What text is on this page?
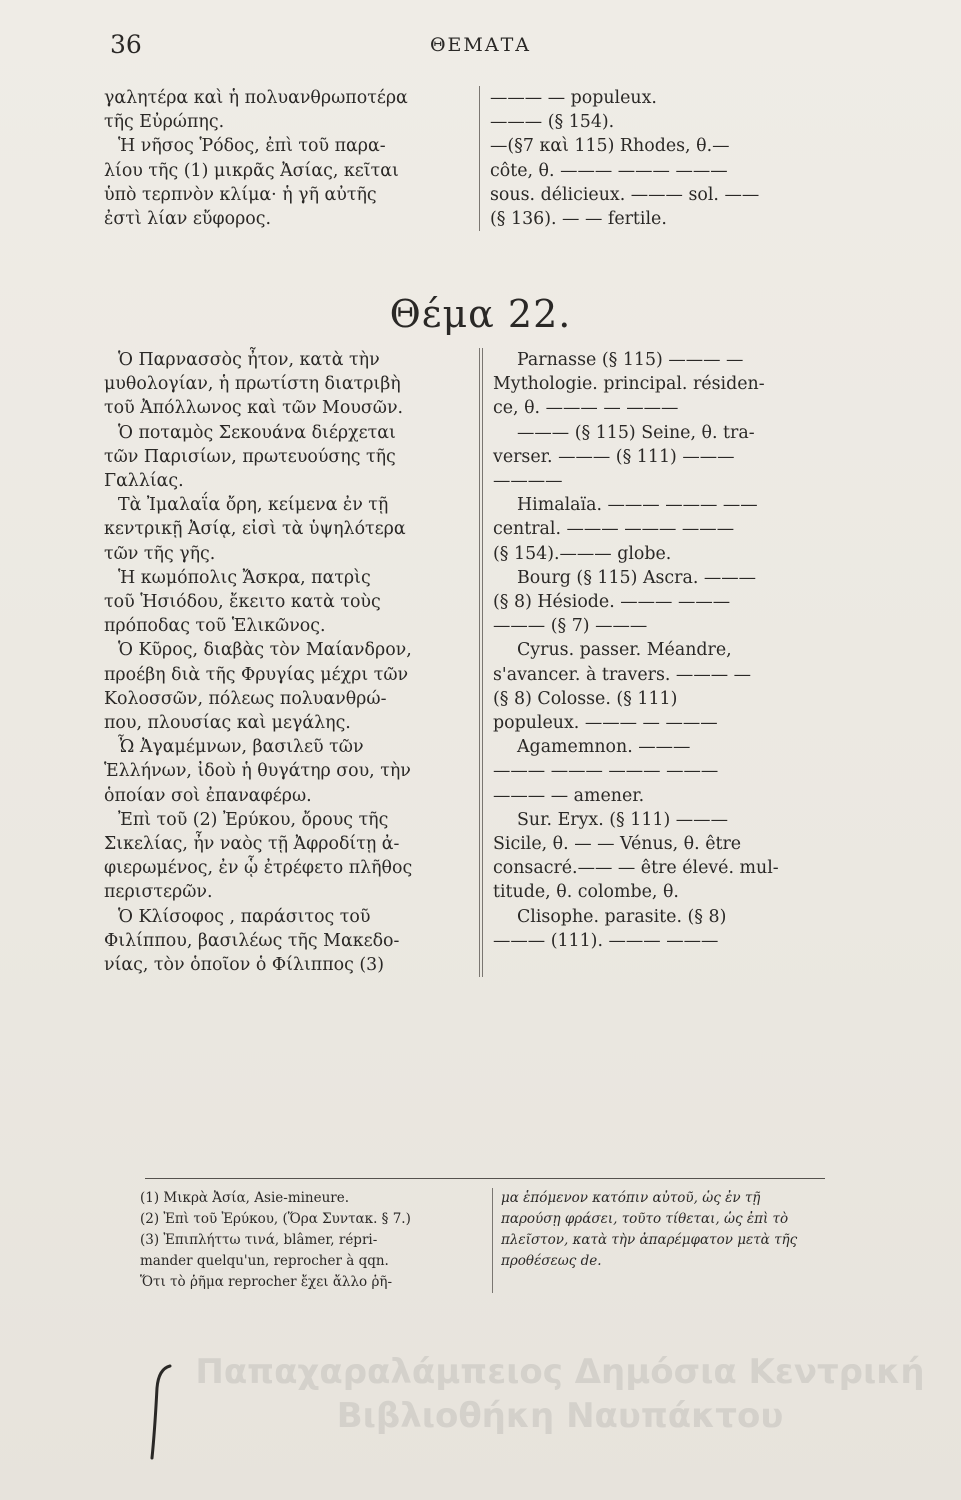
36	ΘΕΜΑΤΑ

γαλητέρα καὶ ἡ πολυανθρωποτέρα

τῆς Εὐρώπης.

Ἡ νῆσος Ῥόδος, ἐπὶ τοῦ παρα-

λίου τῆς (1) μικρᾶς Ἀσίας, κεῖται

ὑπὸ τερπνὸν κλίμα· ἡ γῆ αὐτῆς

ἐστὶ λίαν εὔφορος.

——— — populeux.

——— (§ 154).

—(§7 καὶ 115) Rhodes, θ.—

côte, θ. ——— ——— ———

sous. délicieux. ——— sol. ——

(§ 136). — — fertile.

Θέμα 22.

Ὁ Παρνασσὸς ἦτον, κατὰ τὴν

μυθολογίαν, ἡ πρωτίστη διατριβὴ

τοῦ Ἀπόλλωνος καὶ τῶν Μουσῶν.

Ὁ ποταμὸς Σεκουάνα διέρχεται

τῶν Παρισίων, πρωτευούσης τῆς

Γαλλίας.

Τὰ Ἰμαλαΐα ὄρη, κείμενα ἐν τῇ

κεντρικῇ Ἀσίᾳ, εἰσὶ τὰ ὑψηλότερα

τῶν τῆς γῆς.

Ἡ κωμόπολις Ἄσκρα, πατρὶς

τοῦ Ἡσιόδου, ἔκειτο κατὰ τοὺς

πρόποδας τοῦ Ἑλικῶνος.

Ὁ Κῦρος, διαβὰς τὸν Μαίανδρον,

προέβη διὰ τῆς Φρυγίας μέχρι τῶν

Κολοσσῶν, πόλεως πολυανθρώ-

που, πλουσίας καὶ μεγάλης.

Ὦ Ἀγαμέμνων, βασιλεῦ τῶν

Ἑλλήνων, ἰδοὺ ἡ θυγάτηρ σου, τὴν

ὁποίαν σοὶ ἐπαναφέρω.

Ἐπὶ τοῦ (2) Ἐρύκου, ὄρους τῆς

Σικελίας, ἦν ναὸς τῇ Ἀφροδίτῃ ἀ-

φιερωμένος, ἐν ᾧ ἐτρέφετο πλῆθος

περιστερῶν.

Ὁ Κλίσοφος , παράσιτος τοῦ

Φιλίππου, βασιλέως τῆς Μακεδο-

νίας, τὸν ὁποῖον ὁ Φίλιππος (3)

Parnasse (§ 115) ——— —

Mythologie. principal. résiden-

ce, θ. ——— — ———

——— (§ 115) Seine, θ. tra-

verser. ——— (§ 111) ———

————

Himalaïa. ——— ——— ——

central. ——— ——— ———

(§ 154).——— globe.

Bourg (§ 115) Ascra. ———

(§ 8) Hésiode. ——— ———

——— (§ 7) ———

Cyrus. passer. Méandre,

s'avancer. à travers. ——— —

(§ 8) Colosse. (§ 111)

populeux. ——— — ———

Agamemnon. ———

——— ——— ——— ———

——— — amener.

Sur. Eryx. (§ 111) ———

Sicile, θ. — — Vénus, θ. être

consacré.—— — être élevé. mul-

titude, θ. colombe, θ.

Clisophe. parasite. (§ 8)

——— (111). ——— ———

(1) Μικρὰ Ἀσία, Asie-mineure.

(2) Ἐπὶ τοῦ Ἐρύκου, (Ὅρα Συντακ. § 7.)

(3) Ἐπιπλήττω τινά, blâmer, répri-

mander quelqu'un, reprocher à qqn.

Ὅτι τὸ ῥῆμα reprocher ἔχει ἄλλο ῥῆ-

μα ἑπόμενον κατόπιν αὐτοῦ, ὡς ἐν τῇ

παρούσῃ φράσει, τοῦτο τίθεται, ὡς ἐπὶ τὸ

πλεῖστον, κατὰ τὴν ἀπαρέμφατον μετὰ τῆς

προθέσεως de.

Παπαχαραλάμπειος Δημόσια Κεντρική
Βιβλιοθήκη Ναυπάκτου
